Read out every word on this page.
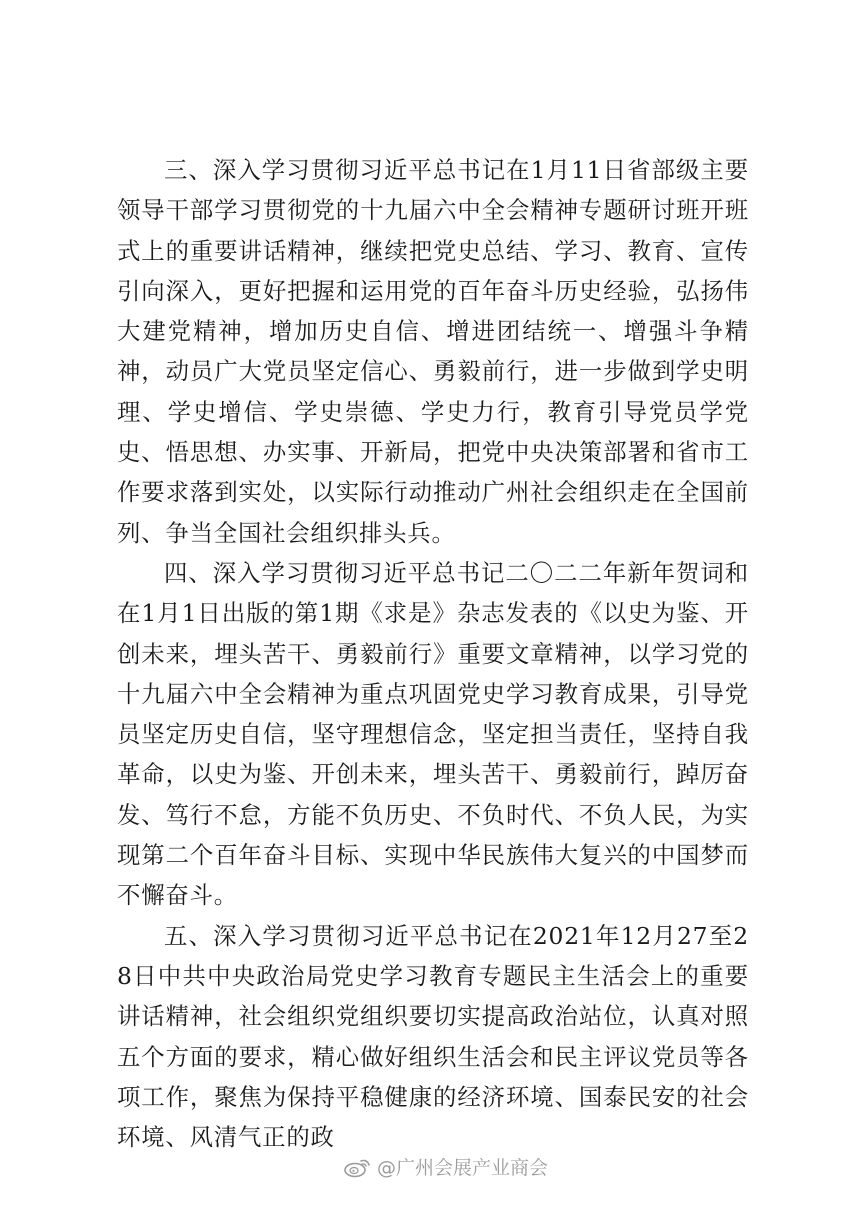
三、深入学习贯彻习近平总书记在1月11日省部级主要领导干部学习贯彻党的十九届六中全会精神专题研讨班开班式上的重要讲话精神，继续把党史总结、学习、教育、宣传引向深入，更好把握和运用党的百年奋斗历史经验，弘扬伟大建党精神，增加历史自信、增进团结统一、增强斗争精神，动员广大党员坚定信心、勇毅前行，进一步做到学史明理、学史增信、学史崇德、学史力行，教育引导党员学党史、悟思想、办实事、开新局，把党中央决策部署和省市工作要求落到实处，以实际行动推动广州社会组织走在全国前列、争当全国社会组织排头兵。

四、深入学习贯彻习近平总书记二〇二二年新年贺词和在1月1日出版的第1期《求是》杂志发表的《以史为鉴、开创未来，埋头苦干、勇毅前行》重要文章精神，以学习党的十九届六中全会精神为重点巩固党史学习教育成果，引导党员坚定历史自信，坚守理想信念，坚定担当责任，坚持自我革命，以史为鉴、开创未来，埋头苦干、勇毅前行，踔厉奋发、笃行不怠，方能不负历史、不负时代、不负人民，为实现第二个百年奋斗目标、实现中华民族伟大复兴的中国梦而不懈奋斗。

五、深入学习贯彻习近平总书记在2021年12月27至28日中共中央政治局党史学习教育专题民主生活会上的重要讲话精神，社会组织党组织要切实提高政治站位，认真对照五个方面的要求，精心做好组织生活会和民主评议党员等各项工作，聚焦为保持平稳健康的经济环境、国泰民安的社会环境、风清气正的政

@广州会展产业商会
